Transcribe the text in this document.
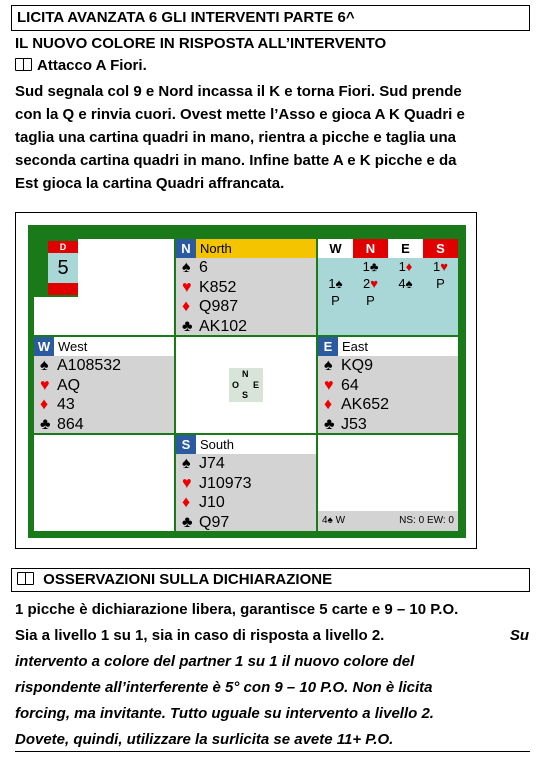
LICITA AVANZATA 6 GLI INTERVENTI PARTE 6^
IL NUOVO COLORE IN RISPOSTA ALL’INTERVENTO
Attacco A Fiori.
Sud segnala col 9 e Nord incassa il K e torna Fiori. Sud prende
con la Q e rinvia cuori. Ovest mette l’Asso e gioca A K Quadri e
taglia una cartina quadri in mano, rientra a picche e taglia una
seconda cartina quadri in mano. Infine batte A e K picche e da
Est gioca la cartina Quadri affrancata.
D
5
N North
♠ 6
♥ K852
♦ Q987
♣ AK102
W	N	E	S
	1♣	1♦	1♥
1♠	2♥	4♠	P
P	P		
W West
♠ A108532
♥ AQ
♦ 43
♣ 864
N
O E
S
E East
♠ KQ9
♥ 64
♦ AK652
♣ J53
S South
♠ J74
♥ J10973
♦ J10
♣ Q97	4♠ W	NS: 0 EW: 0
OSSERVAZIONI SULLA DICHIARAZIONE
1 picche è dichiarazione libera, garantisce 5 carte e 9 – 10 P.O.
Sia a livello 1 su 1, sia in caso di risposta a livello 2.	Su
intervento a colore del partner 1 su 1 il nuovo colore del
rispondente all’interferente è 5° con 9 – 10 P.O. Non è licita
forcing, ma invitante. Tutto uguale su intervento a livello 2.
Dovete, quindi, utilizzare la surlicita se avete 11+ P.O.
